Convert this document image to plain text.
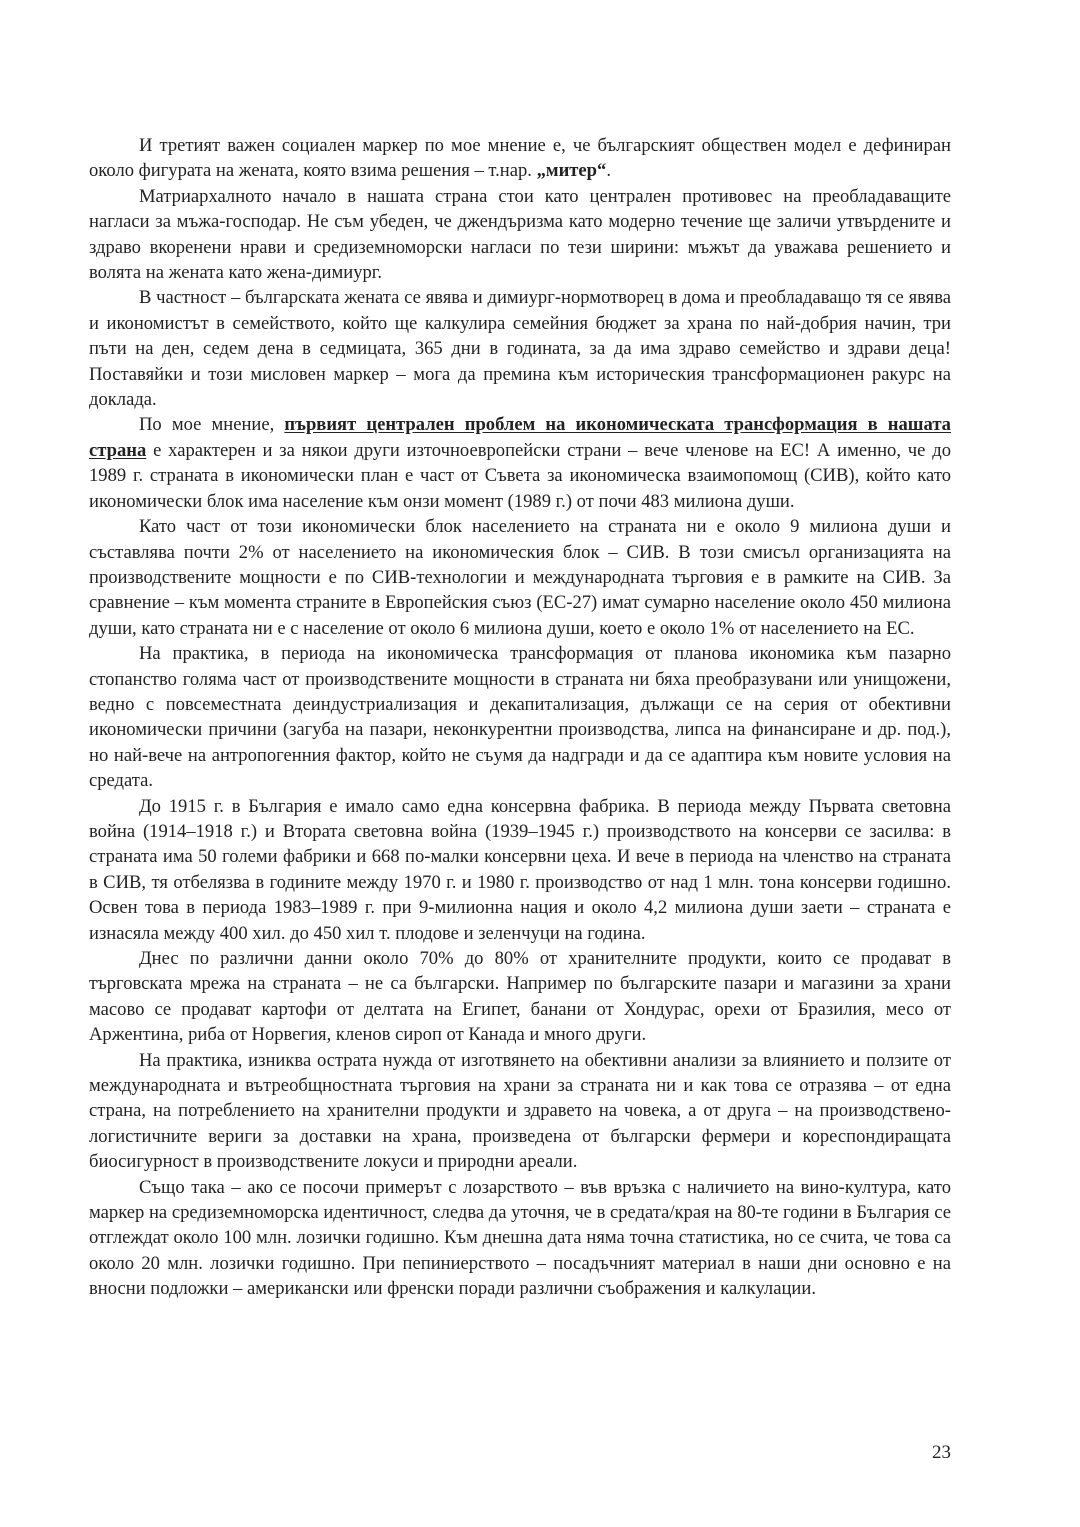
И третият важен социален маркер по мое мнение е, че българският обществен модел е дефиниран около фигурата на жената, която взима решения – т.нар. „митер“.

Матриархалното начало в нашата страна стои като централен противовес на преобладаващите нагласи за мъжа-господар. Не съм убеден, че джендъризма като модерно течение ще заличи утвърдените и здраво вкоренени нрави и средиземноморски нагласи по тези ширини: мъжът да уважава решението и волята на жената като жена-димиург.

В частност – българската жената се явява и димиург-нормотворец в дома и преобладаващо тя се явява и икономистът в семейството, който ще калкулира семейния бюджет за храна по най-добрия начин, три пъти на ден, седем дена в седмицата, 365 дни в годината, за да има здраво семейство и здрави деца! Поставяйки и този мисловен маркер – мога да премина към историческия трансформационен ракурс на доклада.

По мое мнение, първият централен проблем на икономическата трансформация в нашата страна е характерен и за някои други източноевропейски страни – вече членове на ЕС! А именно, че до 1989 г. страната в икономически план е част от Съвета за икономическа взаимопомощ (СИВ), който като икономически блок има население към онзи момент (1989 г.) от почи 483 милиона души.

Като част от този икономически блок населението на страната ни е около 9 милиона души и съставлява почти 2% от населението на икономическия блок – СИВ. В този смисъл организацията на производствените мощности е по СИВ-технологии и международната търговия е в рамките на СИВ. За сравнение – към момента страните в Европейския съюз (ЕС-27) имат сумарно население около 450 милиона души, като страната ни е с население от около 6 милиона души, което е около 1% от населението на ЕС.

На практика, в периода на икономическа трансформация от планова икономика към пазарно стопанство голяма част от производствените мощности в страната ни бяха преобразувани или унищожени, ведно с повсеместната деиндустриализация и декапитализация, дължащи се на серия от обективни икономически причини (загуба на пазари, неконкурентни производства, липса на финансиране и др. под.), но най-вече на антропогенния фактор, който не съумя да надгради и да се адаптира към новите условия на средата.

До 1915 г. в България е имало само една консервна фабрика. В периода между Първата световна война (1914–1918 г.) и Втората световна война (1939–1945 г.) производството на консерви се засилва: в страната има 50 големи фабрики и 668 по-малки консервни цеха. И вече в периода на членство на страната в СИВ, тя отбелязва в годините между 1970 г. и 1980 г. производство от над 1 млн. тона консерви годишно. Освен това в периода 1983–1989 г. при 9-милионна нация и около 4,2 милиона души заети – страната е изнасяла между 400 хил. до 450 хил т. плодове и зеленчуци на година.

Днес по различни данни около 70% до 80% от хранителните продукти, които се продават в търговската мрежа на страната – не са български. Например по българските пазари и магазини за храни масово се продават картофи от делтата на Египет, банани от Хондурас, орехи от Бразилия, месо от Аржентина, риба от Норвегия, кленов сироп от Канада и много други.

На практика, изниква острата нужда от изготвянето на обективни анализи за влиянието и ползите от международната и вътреобщностната търговия на храни за страната ни и как това се отразява – от една страна, на потреблението на хранителни продукти и здравето на човека, а от друга – на производствено-логистичните вериги за доставки на храна, произведена от български фермери и кореспондиращата биосигурност в производствените локуси и природни ареали.

Също така – ако се посочи примерът с лозарството – във връзка с наличието на вино-култура, като маркер на средиземноморска идентичност, следва да уточня, че в средата/края на 80-те години в България се отглеждат около 100 млн. лозички годишно. Към днешна дата няма точна статистика, но се счита, че това са около 20 млн. лозички годишно. При пепиниерството – посадъчният материал в наши дни основно е на вносни подложки – американски или френски поради различни съображения и калкулации.

23
